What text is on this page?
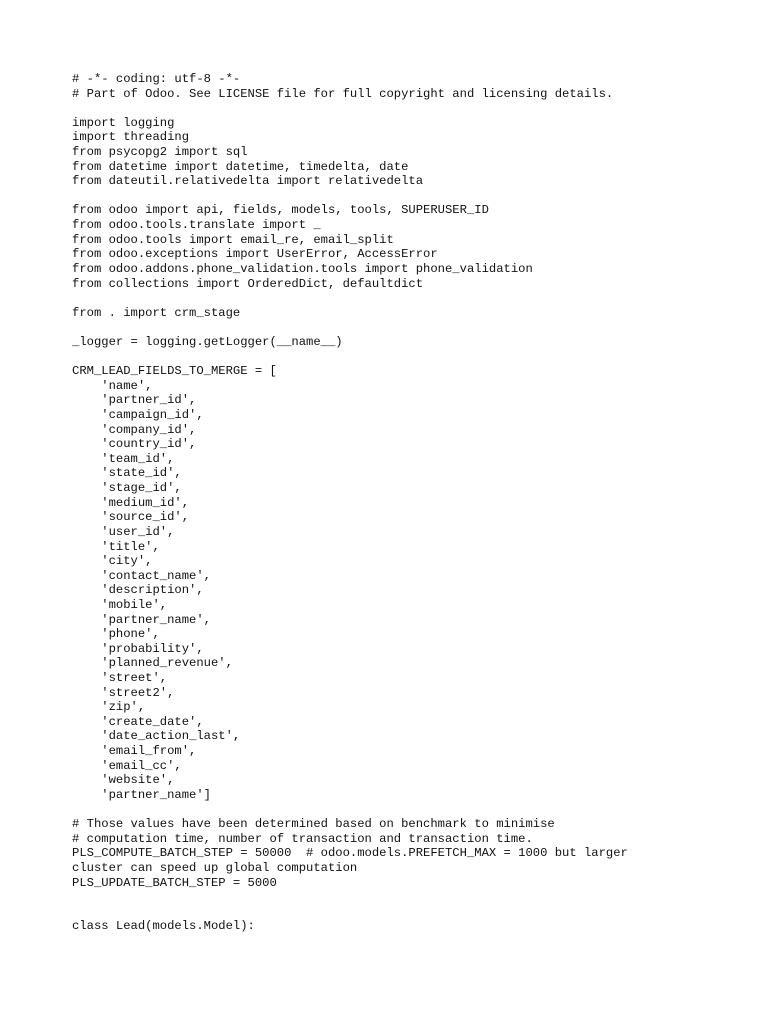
# -*- coding: utf-8 -*-
# Part of Odoo. See LICENSE file for full copyright and licensing details.
import logging
import threading
from psycopg2 import sql
from datetime import datetime, timedelta, date
from dateutil.relativedelta import relativedelta
from odoo import api, fields, models, tools, SUPERUSER_ID
from odoo.tools.translate import _
from odoo.tools import email_re, email_split
from odoo.exceptions import UserError, AccessError
from odoo.addons.phone_validation.tools import phone_validation
from collections import OrderedDict, defaultdict
from . import crm_stage
_logger = logging.getLogger(__name__)
CRM_LEAD_FIELDS_TO_MERGE = [
'name',
'partner_id',
'campaign_id',
'company_id',
'country_id',
'team_id',
'state_id',
'stage_id',
'medium_id',
'source_id',
'user_id',
'title',
'city',
'contact_name',
'description',
'mobile',
'partner_name',
'phone',
'probability',
'planned_revenue',
'street',
'street2',
'zip',
'create_date',
'date_action_last',
'email_from',
'email_cc',
'website',
'partner_name']
# Those values have been determined based on benchmark to minimise
# computation time, number of transaction and transaction time.
PLS_COMPUTE_BATCH_STEP = 50000  # odoo.models.PREFETCH_MAX = 1000 but larger
cluster can speed up global computation
PLS_UPDATE_BATCH_STEP = 5000
class Lead(models.Model):
